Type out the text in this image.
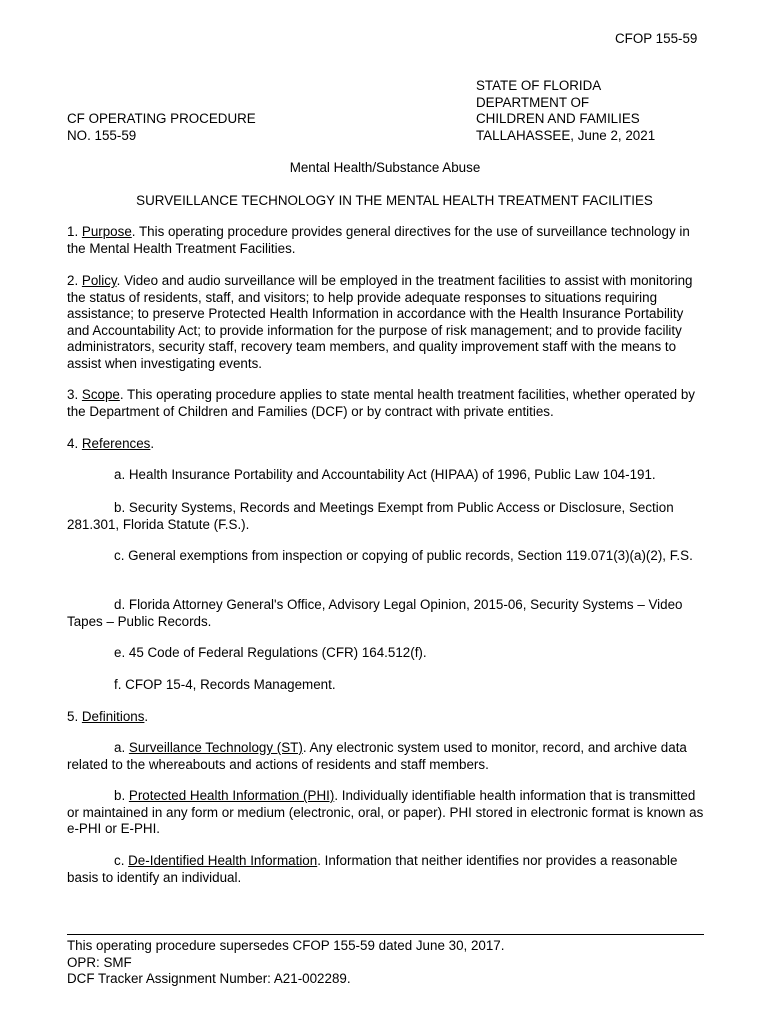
CFOP 155-59
CF OPERATING PROCEDURE
NO. 155-59
STATE OF FLORIDA
DEPARTMENT OF
CHILDREN AND FAMILIES
TALLAHASSEE, June 2, 2021
Mental Health/Substance Abuse
SURVEILLANCE TECHNOLOGY IN THE MENTAL HEALTH TREATMENT FACILITIES

1. Purpose. This operating procedure provides general directives for the use of surveillance technology in the Mental Health Treatment Facilities.

2. Policy. Video and audio surveillance will be employed in the treatment facilities to assist with monitoring the status of residents, staff, and visitors; to help provide adequate responses to situations requiring assistance; to preserve Protected Health Information in accordance with the Health Insurance Portability and Accountability Act; to provide information for the purpose of risk management; and to provide facility administrators, security staff, recovery team members, and quality improvement staff with the means to assist when investigating events.

3. Scope. This operating procedure applies to state mental health treatment facilities, whether operated by the Department of Children and Families (DCF) or by contract with private entities.

4. References.

a. Health Insurance Portability and Accountability Act (HIPAA) of 1996, Public Law 104-191.

b. Security Systems, Records and Meetings Exempt from Public Access or Disclosure, Section 281.301, Florida Statute (F.S.).

c. General exemptions from inspection or copying of public records, Section 119.071(3)(a)(2), F.S.

d. Florida Attorney General's Office, Advisory Legal Opinion, 2015-06, Security Systems – Video Tapes – Public Records.

e. 45 Code of Federal Regulations (CFR) 164.512(f).

f. CFOP 15-4, Records Management.

5. Definitions.

a. Surveillance Technology (ST). Any electronic system used to monitor, record, and archive data related to the whereabouts and actions of residents and staff members.

b. Protected Health Information (PHI). Individually identifiable health information that is transmitted or maintained in any form or medium (electronic, oral, or paper). PHI stored in electronic format is known as e-PHI or E-PHI.

c. De-Identified Health Information. Information that neither identifies nor provides a reasonable basis to identify an individual.

This operating procedure supersedes CFOP 155-59 dated June 30, 2017.
OPR: SMF
DCF Tracker Assignment Number: A21-002289.
